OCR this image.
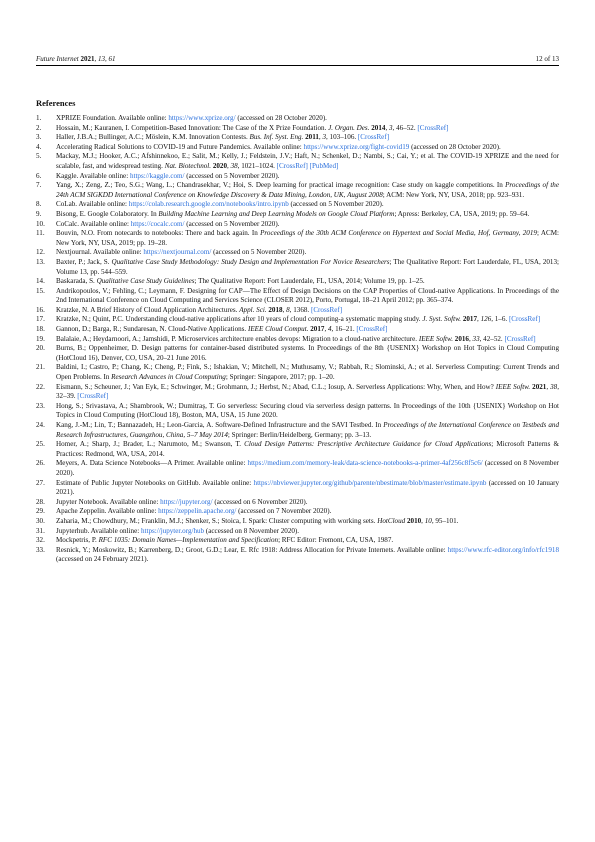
Future Internet 2021, 13, 61	12 of 13
References
1.	XPRIZE Foundation. Available online: https://www.xprize.org/ (accessed on 28 October 2020).
2.	Hossain, M.; Kauranen, I. Competition-Based Innovation: The Case of the X Prize Foundation. J. Organ. Des. 2014, 3, 46–52. [CrossRef]
3.	Haller, J.B.A.; Bullinger, A.C.; Möslein, K.M. Innovation Contests. Bus. Inf. Syst. Eng. 2011, 3, 103–106. [CrossRef]
4.	Accelerating Radical Solutions to COVID-19 and Future Pandemics. Available online: https://www.xprize.org/fight-covid19 (accessed on 28 October 2020).
5.	Mackay, M.J.; Hooker, A.C.; Afshinnekoo, E.; Salit, M.; Kelly, J.; Feldstein, J.V.; Haft, N.; Schenkel, D.; Nambi, S.; Cai, Y.; et al. The COVID-19 XPRIZE and the need for scalable, fast, and widespread testing. Nat. Biotechnol. 2020, 38, 1021–1024. [CrossRef] [PubMed]
6.	Kaggle. Available online: https://kaggle.com/ (accessed on 5 November 2020).
7.	Yang, X.; Zeng, Z.; Teo, S.G.; Wang, L.; Chandrasekhar, V.; Hoi, S. Deep learning for practical image recognition: Case study on kaggle competitions. In Proceedings of the 24th ACM SIGKDD International Conference on Knowledge Discovery & Data Mining, London, UK, August 2008; ACM: New York, NY, USA, 2018; pp. 923–931.
8.	CoLab. Available online: https://colab.research.google.com/notebooks/intro.ipynb (accessed on 5 November 2020).
9.	Bisong, E. Google Colaboratory. In Building Machine Learning and Deep Learning Models on Google Cloud Platform; Apress: Berkeley, CA, USA, 2019; pp. 59–64.
10.	CoCalc. Available online: https://cocalc.com/ (accessed on 5 November 2020).
11.	Bouvin, N.O. From notecards to notebooks: There and back again. In Proceedings of the 30th ACM Conference on Hypertext and Social Media, Hof, Germany, 2019; ACM: New York, NY, USA, 2019; pp. 19–28.
12.	Nextjournal. Available online: https://nextjournal.com/ (accessed on 5 November 2020).
13.	Baxter, P.; Jack, S. Qualitative Case Study Methodology: Study Design and Implementation For Novice Researchers; The Qualitative Report: Fort Lauderdale, FL, USA, 2013; Volume 13, pp. 544–559.
14.	Baskarada, S. Qualitative Case Study Guidelines; The Qualitative Report: Fort Lauderdale, FL, USA, 2014; Volume 19, pp. 1–25.
15.	Andrikopoulos, V.; Fehling, C.; Leymann, F. Designing for CAP—The Effect of Design Decisions on the CAP Properties of Cloud-native Applications. In Proceedings of the 2nd International Conference on Cloud Computing and Services Science (CLOSER 2012), Porto, Portugal, 18–21 April 2012; pp. 365–374.
16.	Kratzke, N. A Brief History of Cloud Application Architectures. Appl. Sci. 2018, 8, 1368. [CrossRef]
17.	Kratzke, N.; Quint, P.C. Understanding cloud-native applications after 10 years of cloud computing-a systematic mapping study. J. Syst. Softw. 2017, 126, 1–6. [CrossRef]
18.	Gannon, D.; Barga, R.; Sundaresan, N. Cloud-Native Applications. IEEE Cloud Comput. 2017, 4, 16–21. [CrossRef]
19.	Balalaie, A.; Heydarnoori, A.; Jamshidi, P. Microservices architecture enables devops: Migration to a cloud-native architecture. IEEE Softw. 2016, 33, 42–52. [CrossRef]
20.	Burns, B.; Oppenheimer, D. Design patterns for container-based distributed systems. In Proceedings of the 8th {USENIX} Workshop on Hot Topics in Cloud Computing (HotCloud 16), Denver, CO, USA, 20–21 June 2016.
21.	Baldini, I.; Castro, P.; Chang, K.; Cheng, P.; Fink, S.; Ishakian, V.; Mitchell, N.; Muthusamy, V.; Rabbah, R.; Slominski, A.; et al. Serverless Computing: Current Trends and Open Problems. In Research Advances in Cloud Computing; Springer: Singapore, 2017; pp. 1–20.
22.	Eismann, S.; Scheuner, J.; Van Eyk, E.; Schwinger, M.; Grohmann, J.; Herbst, N.; Abad, C.L.; Iosup, A. Serverless Applications: Why, When, and How? IEEE Softw. 2021, 38, 32–39. [CrossRef]
23.	Hong, S.; Srivastava, A.; Shambrook, W.; Dumitraş, T. Go serverless: Securing cloud via serverless design patterns. In Proceedings of the 10th {USENIX} Workshop on Hot Topics in Cloud Computing (HotCloud 18), Boston, MA, USA, 15 June 2020.
24.	Kang, J.-M.; Lin, T.; Bannazadeh, H.; Leon-Garcia, A. Software-Defined Infrastructure and the SAVI Testbed. In Proceedings of the International Conference on Testbeds and Research Infrastructures, Guangzhou, China, 5–7 May 2014; Springer: Berlin/Heidelberg, Germany; pp. 3–13.
25.	Homer, A.; Sharp, J.; Brader, L.; Narumoto, M.; Swanson, T. Cloud Design Patterns: Prescriptive Architecture Guidance for Cloud Applications; Microsoft Patterns & Practices: Redmond, WA, USA, 2014.
26.	Meyers, A. Data Science Notebooks—A Primer. Available online: https://medium.com/memory-leak/data-science-notebooks-a-primer-4af256c8f5c6/ (accessed on 8 November 2020).
27.	Estimate of Public Jupyter Notebooks on GitHub. Available online: https://nbviewer.jupyter.org/github/parente/nbestimate/blob/master/estimate.ipynb (accessed on 10 January 2021).
28.	Jupyter Notebook. Available online: https://jupyter.org/ (accessed on 6 November 2020).
29.	Apache Zeppelin. Available online: https://zeppelin.apache.org/ (accessed on 7 November 2020).
30.	Zaharia, M.; Chowdhury, M.; Franklin, M.J.; Shenker, S.; Stoica, I. Spark: Cluster computing with working sets. HotCloud 2010, 10, 95–101.
31.	Jupyterhub. Available online: https://jupyter.org/hub (accessed on 8 November 2020).
32.	Mockpetris, P. RFC 1035: Domain Names—Implementation and Specification; RFC Editor: Fremont, CA, USA, 1987.
33.	Resnick, Y.; Moskowitz, B.; Karrenberg, D.; Groot, G.D.; Lear, E. Rfc 1918: Address Allocation for Private Internets. Available online: https://www.rfc-editor.org/info/rfc1918 (accessed on 24 February 2021).
